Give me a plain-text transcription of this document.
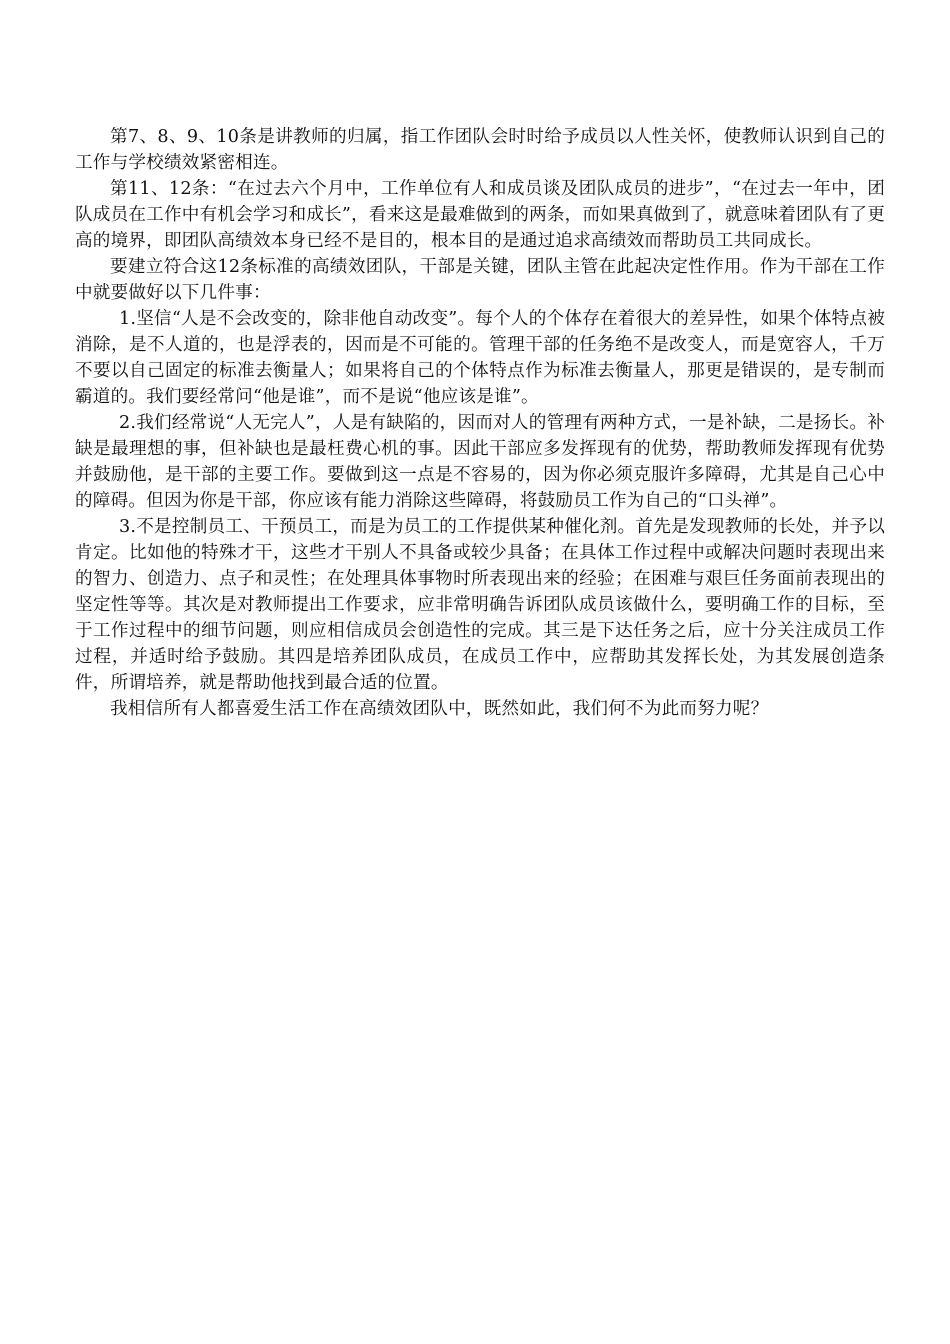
第7、8、9、10条是讲教师的归属，指工作团队会时时给予成员以人性关怀，使教师认识到自己的工作与学校绩效紧密相连。

第11、12条：“在过去六个月中，工作单位有人和成员谈及团队成员的进步”，“在过去一年中，团队成员在工作中有机会学习和成长”，看来这是最难做到的两条，而如果真做到了，就意味着团队有了更高的境界，即团队高绩效本身已经不是目的，根本目的是通过追求高绩效而帮助员工共同成长。

要建立符合这12条标准的高绩效团队，干部是关键，团队主管在此起决定性作用。作为干部在工作中就要做好以下几件事：

1.坚信“人是不会改变的，除非他自动改变”。每个人的个体存在着很大的差异性，如果个体特点被消除，是不人道的，也是浮表的，因而是不可能的。管理干部的任务绝不是改变人，而是宽容人，千万不要以自己固定的标准去衡量人；如果将自己的个体特点作为标准去衡量人，那更是错误的，是专制而霸道的。我们要经常问“他是谁”，而不是说“他应该是谁”。

2.我们经常说“人无完人”，人是有缺陷的，因而对人的管理有两种方式，一是补缺，二是扬长。补缺是最理想的事，但补缺也是最枉费心机的事。因此干部应多发挥现有的优势，帮助教师发挥现有优势并鼓励他，是干部的主要工作。要做到这一点是不容易的，因为你必须克服许多障碍，尤其是自己心中的障碍。但因为你是干部，你应该有能力消除这些障碍，将鼓励员工作为自己的“口头禅”。

3.不是控制员工、干预员工，而是为员工的工作提供某种催化剂。首先是发现教师的长处，并予以肯定。比如他的特殊才干，这些才干别人不具备或较少具备；在具体工作过程中或解决问题时表现出来的智力、创造力、点子和灵性；在处理具体事物时所表现出来的经验；在困难与艰巨任务面前表现出的坚定性等等。其次是对教师提出工作要求，应非常明确告诉团队成员该做什么，要明确工作的目标，至于工作过程中的细节问题，则应相信成员会创造性的完成。其三是下达任务之后，应十分关注成员工作过程，并适时给予鼓励。其四是培养团队成员，在成员工作中，应帮助其发挥长处，为其发展创造条件，所谓培养，就是帮助他找到最合适的位置。

我相信所有人都喜爱生活工作在高绩效团队中，既然如此，我们何不为此而努力呢？
